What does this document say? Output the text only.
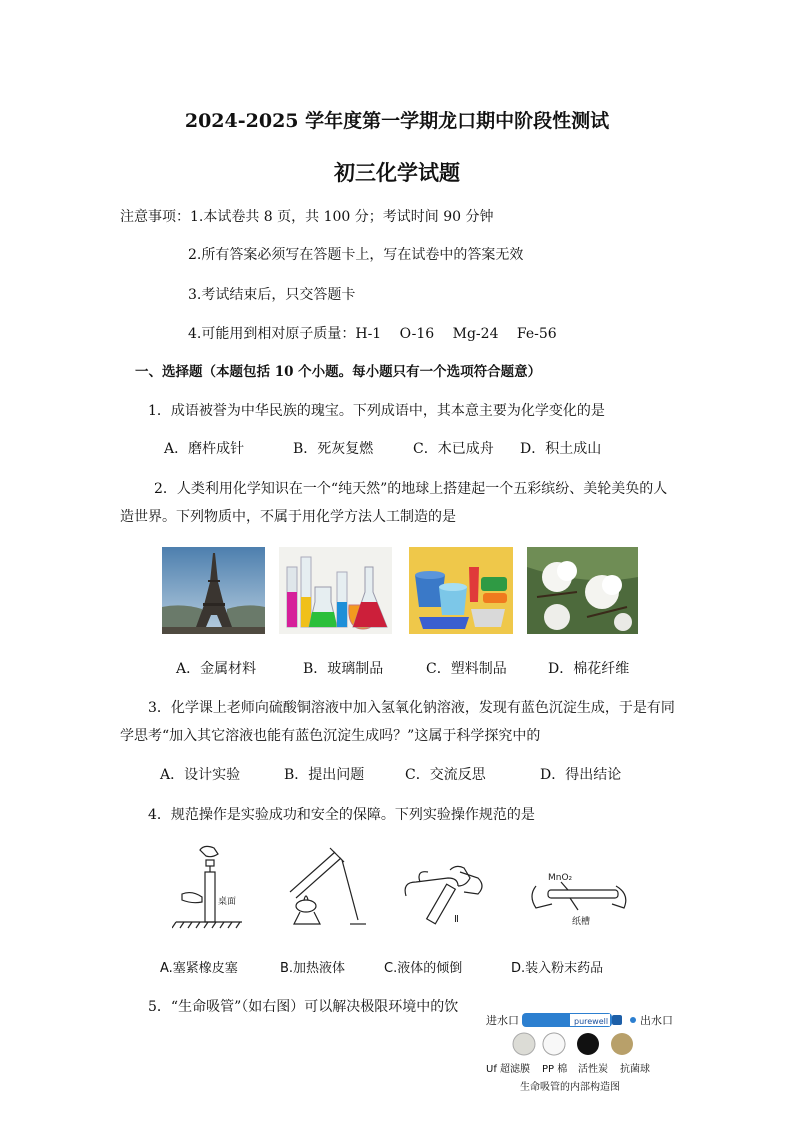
2024-2025 学年度第一学期龙口期中阶段性测试
初三化学试题
注意事项：1.本试卷共 8 页，共 100 分；考试时间 90 分钟
2.所有答案必须写在答题卡上，写在试卷中的答案无效
3.考试结束后，只交答题卡
4.可能用到相对原子质量：H-1　 O-16　 Mg-24　 Fe-56
一、选择题（本题包括 10 个小题。每小题只有一个选项符合题意）
1．成语被誉为中华民族的瑰宝。下列成语中，其本意主要为化学变化的是
A．磨杵成针	B．死灰复燃	C．木已成舟 D．积土成山
2．人类利用化学知识在一个“纯天然”的地球上搭建起一个五彩缤纷、美轮美奂的人
造世界。下列物质中，不属于用化学方法人工制造的是
A．金属材料	B．玻璃制品	C．塑料制品	D．棉花纤维
3．化学课上老师向硫酸铜溶液中加入氢氧化钠溶液，发现有蓝色沉淀生成，于是有同
学思考“加入其它溶液也能有蓝色沉淀生成吗？”这属于科学探究中的
A．设计实验	B．提出问题	C．交流反思	D．得出结论
4．规范操作是实验成功和安全的保障。下列实验操作规范的是
桌面
Ⅱ
MnO₂
纸槽
A.塞紧橡皮塞	B.加热液体	C.液体的倾倒	D.装入粉末药品
5．“生命吸管”（如右图）可以解决极限环境中的饮
进水口	purewell	出水口
Uf 超滤膜 PP 棉 活性炭 抗菌球
生命吸管的内部构造图
